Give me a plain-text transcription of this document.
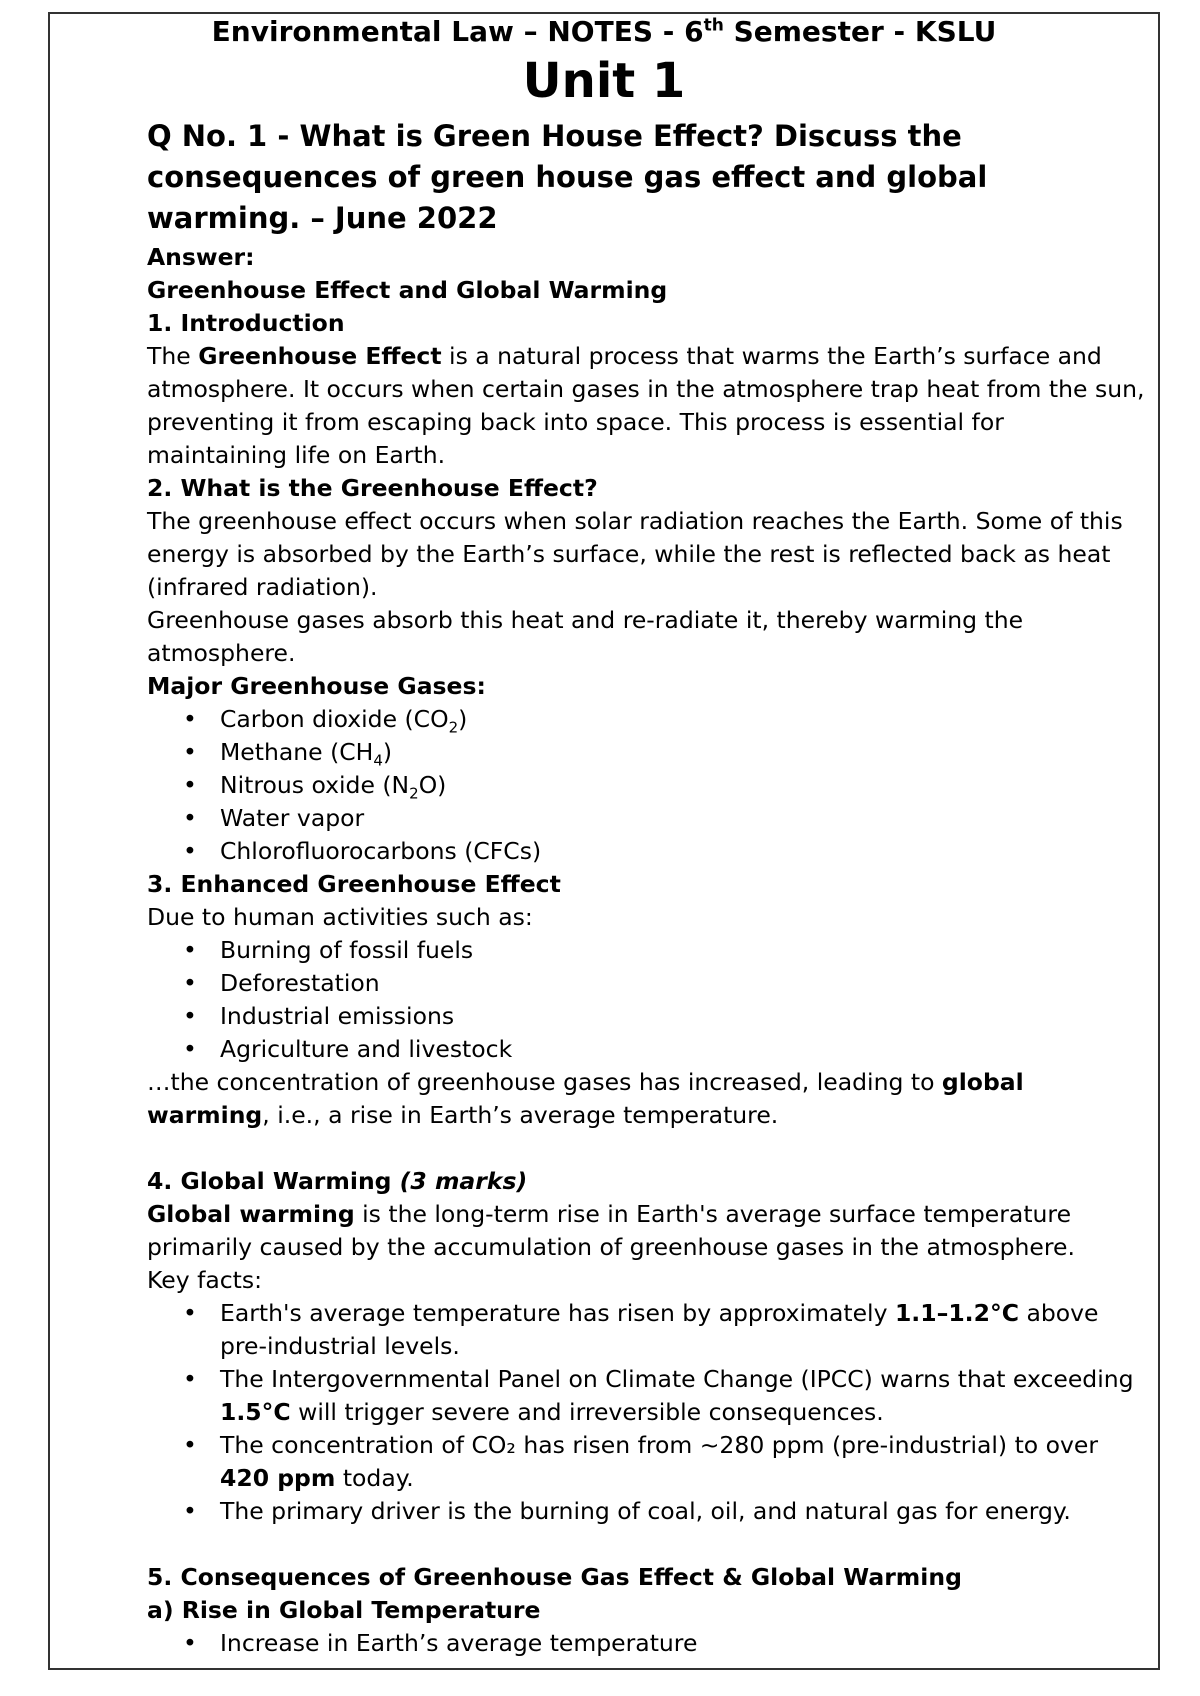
Environmental Law – NOTES - 6th Semester - KSLU
Unit 1
Q No. 1 - What is Green House Effect? Discuss the consequences of green house gas effect and global warming. – June 2022

Answer:

Greenhouse Effect and Global Warming

1. Introduction

The Greenhouse Effect is a natural process that warms the Earth’s surface and atmosphere. It occurs when certain gases in the atmosphere trap heat from the sun, preventing it from escaping back into space. This process is essential for maintaining life on Earth.

2. What is the Greenhouse Effect?

The greenhouse effect occurs when solar radiation reaches the Earth. Some of this energy is absorbed by the Earth’s surface, while the rest is reflected back as heat (infrared radiation).

Greenhouse gases absorb this heat and re-radiate it, thereby warming the atmosphere.

Major Greenhouse Gases:

• Carbon dioxide $(CO_2)$
• Methane $(CH_4)$
• Nitrous oxide $(N_2O)$
• Water vapor
• Chlorofluorocarbons (CFCs)

3. Enhanced Greenhouse Effect

Due to human activities such as:

• Burning of fossil fuels
• Deforestation
• Industrial emissions
• Agriculture and livestock

…the concentration of greenhouse gases has increased, leading to global warming, i.e., a rise in Earth’s average temperature.

4. Global Warming (3 marks)

Global warming is the long-term rise in Earth's average surface temperature primarily caused by the accumulation of greenhouse gases in the atmosphere.

Key facts:

• Earth's average temperature has risen by approximately 1.1–1.2°C above pre-industrial levels.
• The Intergovernmental Panel on Climate Change (IPCC) warns that exceeding 1.5°C will trigger severe and irreversible consequences.
• The concentration of CO₂ has risen from ~280 ppm (pre-industrial) to over 420 ppm today.
• The primary driver is the burning of coal, oil, and natural gas for energy.

5. Consequences of Greenhouse Gas Effect & Global Warming

a) Rise in Global Temperature

• Increase in Earth’s average temperature
